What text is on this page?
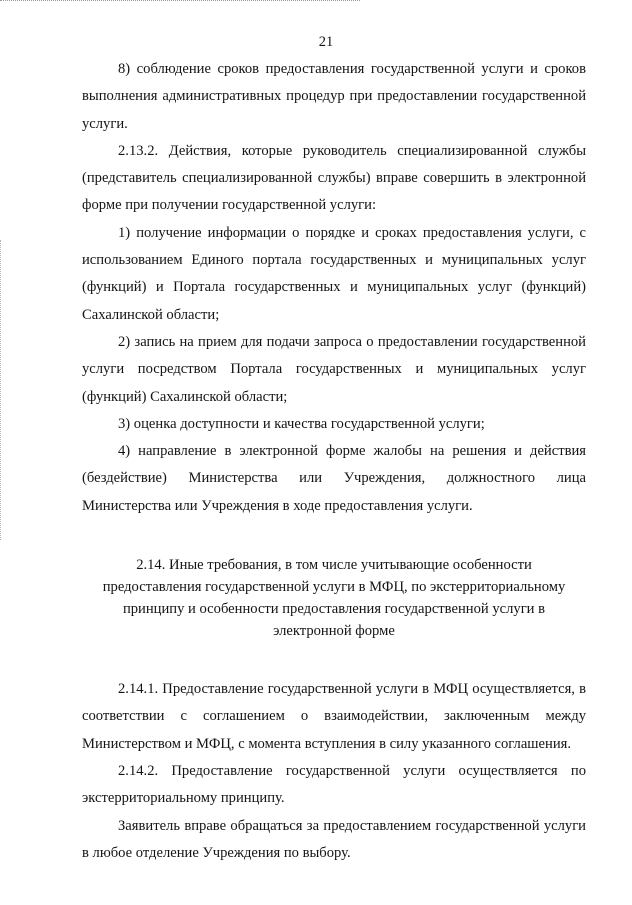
21

8) соблюдение сроков предоставления государственной услуги и сроков выполнения административных процедур при предоставлении государственной услуги.

2.13.2. Действия, которые руководитель специализированной службы (представитель специализированной службы) вправе совершить в электронной форме при получении государственной услуги:

1) получение информации о порядке и сроках предоставления услуги, с использованием Единого портала государственных и муниципальных услуг (функций) и Портала государственных и муниципальных услуг (функций) Сахалинской области;

2) запись на прием для подачи запроса о предоставлении государственной услуги посредством Портала государственных и муниципальных услуг (функций) Сахалинской области;

3) оценка доступности и качества государственной услуги;

4) направление в электронной форме жалобы на решения и действия (бездействие) Министерства или Учреждения, должностного лица Министерства или Учреждения в ходе предоставления услуги.

2.14. Иные требования, в том числе учитывающие особенности
предоставления государственной услуги в МФЦ, по экстерриториальному
принципу и особенности предоставления государственной услуги в
электронной форме

2.14.1. Предоставление государственной услуги в МФЦ осуществляется, в соответствии с соглашением о взаимодействии, заключенным между Министерством и МФЦ, с момента вступления в силу указанного соглашения.

2.14.2. Предоставление государственной услуги осуществляется по экстерриториальному принципу.

Заявитель вправе обращаться за предоставлением государственной услуги в любое отделение Учреждения по выбору.
